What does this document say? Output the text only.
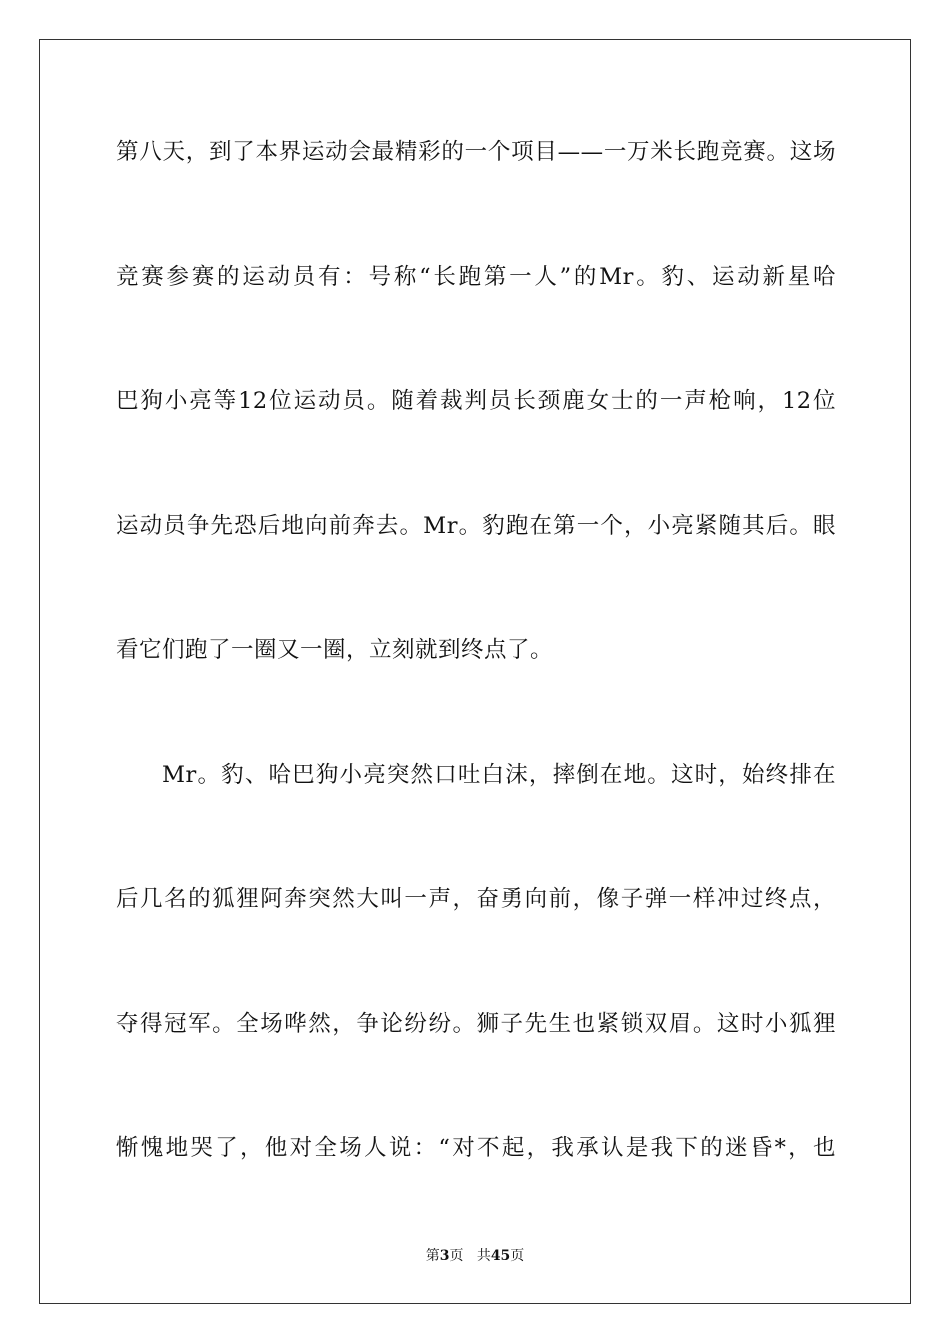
第八天，到了本界运动会最精彩的一个项目——一万米长跑竞赛。这场
竞赛参赛的运动员有：号称“长跑第一人”的Mr。豹、运动新星哈
巴狗小亮等12位运动员。随着裁判员长颈鹿女士的一声枪响，12位
运动员争先恐后地向前奔去。Mr。豹跑在第一个，小亮紧随其后。眼
看它们跑了一圈又一圈，立刻就到终点了。
Mr。豹、哈巴狗小亮突然口吐白沫，摔倒在地。这时，始终排在
后几名的狐狸阿奔突然大叫一声，奋勇向前，像子弹一样冲过终点，
夺得冠军。全场哗然，争论纷纷。狮子先生也紧锁双眉。这时小狐狸
惭愧地哭了，他对全场人说：“对不起，我承认是我下的迷昏*，也
第3页 共45页
